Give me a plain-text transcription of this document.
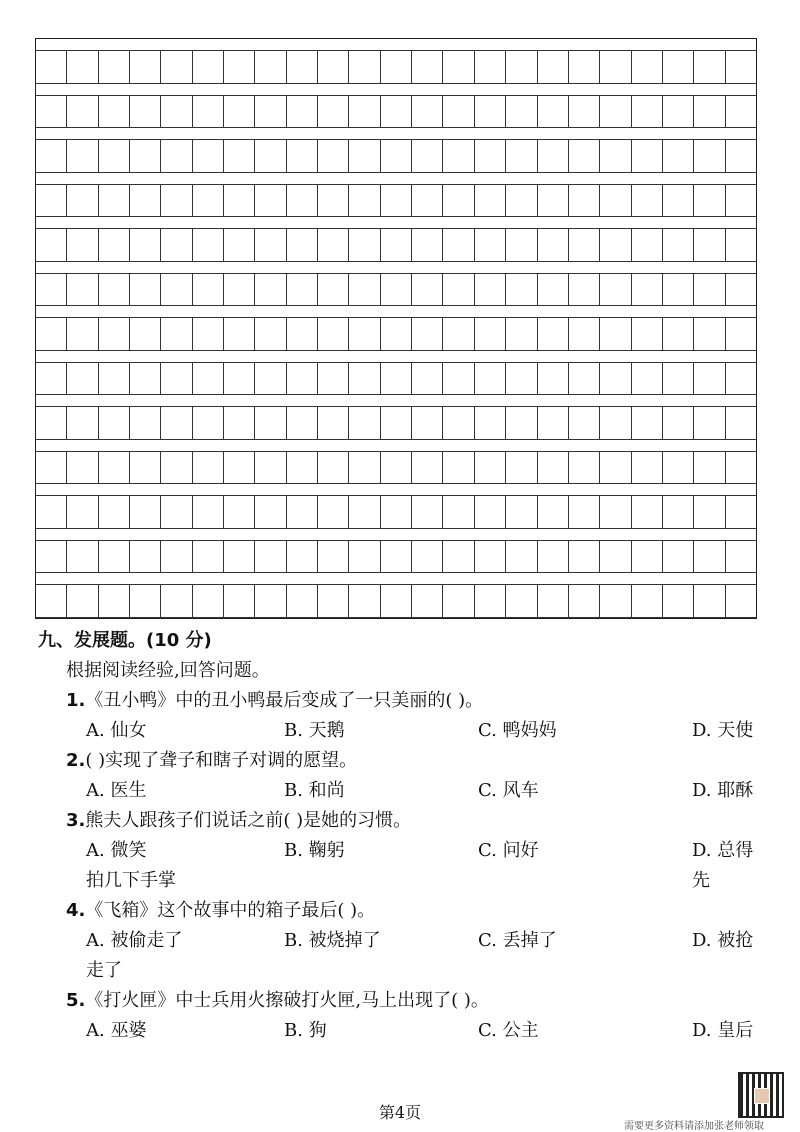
九、发展题。(10 分)
根据阅读经验,回答问题。
1.《丑小鸭》中的丑小鸭最后变成了一只美丽的( )。
A. 仙女	B. 天鹅	C. 鸭妈妈	D. 天使
2.( )实现了聋子和瞎子对调的愿望。
A. 医生	B. 和尚	C. 风车	D. 耶酥
3.熊夫人跟孩子们说话之前( )是她的习惯。
A. 微笑	B. 鞠躬	C. 问好	D. 总得先
拍几下手掌
4.《飞箱》这个故事中的箱子最后( )。
A. 被偷走了	B. 被烧掉了	C. 丢掉了	D. 被抢
走了
5.《打火匣》中士兵用火擦破打火匣,马上出现了( )。
A. 巫婆	B. 狗	C. 公主	D. 皇后
第4页
需要更多资料请添加张老师领取
